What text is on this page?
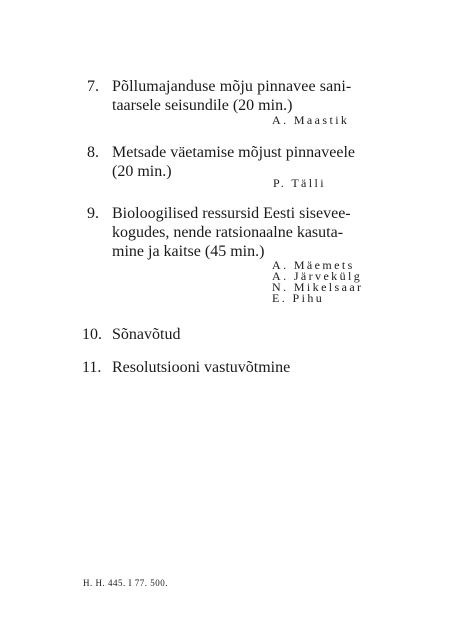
7. Põllumajanduse mõju pinnavee sani-
taarsele seisundile (20 min.)
A. Maastik
8. Metsade väetamise mõjust pinnaveele
(20 min.)
P. Tälli
9. Bioloogilised ressursid Eesti sisevee-
kogudes, nende ratsionaalne kasuta-
mine ja kaitse (45 min.)
A. Mäemets
A. Järvekülg
N. Mikelsaar
E. Pihu
10. Sõnavõtud
11. Resolutsiooni vastuvõtmine
H. H. 445. I 77. 500.
